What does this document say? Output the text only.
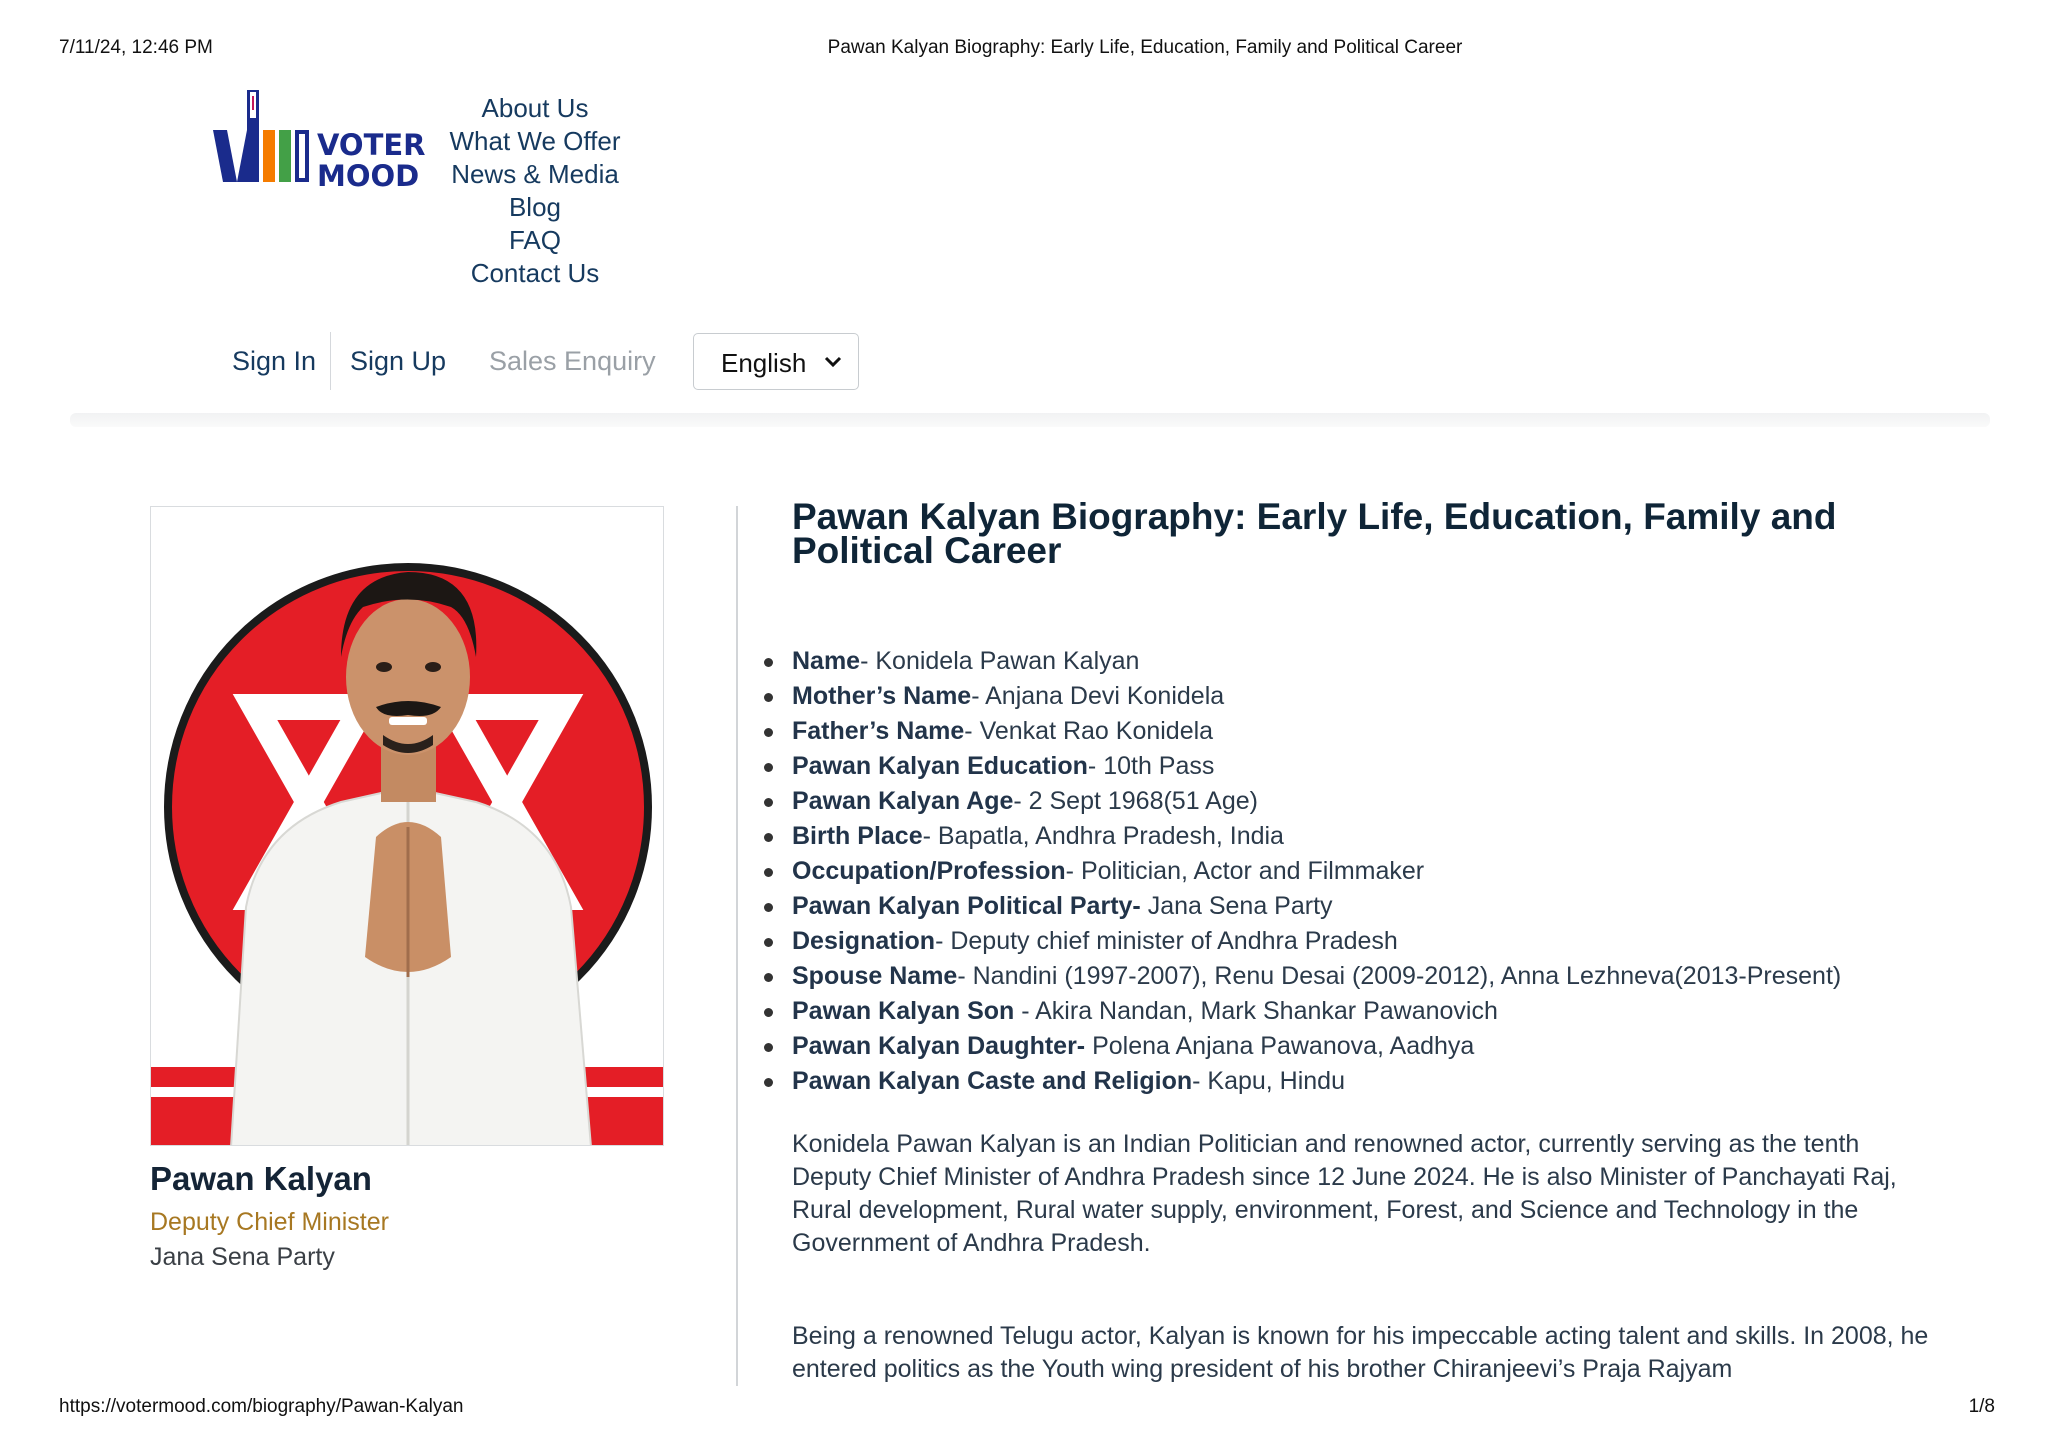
7/11/24, 12:46 PM	Pawan Kalyan Biography: Early Life, Education, Family and Political Career
VOTER
MOOD
About Us
What We Offer
News & Media
Blog
FAQ
Contact Us
Sign In Sign Up Sales Enquiry	English
Pawan Kalyan
Deputy Chief Minister
Jana Sena Party
Pawan Kalyan Biography: Early Life, Education, Family and Political Career
Name- Konidela Pawan Kalyan
Mother’s Name- Anjana Devi Konidela
Father’s Name- Venkat Rao Konidela
Pawan Kalyan Education- 10th Pass
Pawan Kalyan Age- 2 Sept 1968(51 Age)
Birth Place- Bapatla, Andhra Pradesh, India
Occupation/Profession- Politician, Actor and Filmmaker
Pawan Kalyan Political Party- Jana Sena Party
Designation- Deputy chief minister of Andhra Pradesh
Spouse Name- Nandini (1997-2007), Renu Desai (2009-2012), Anna Lezhneva(2013-Present)
Pawan Kalyan Son - Akira Nandan, Mark Shankar Pawanovich
Pawan Kalyan Daughter- Polena Anjana Pawanova, Aadhya
Pawan Kalyan Caste and Religion- Kapu, Hindu

Konidela Pawan Kalyan is an Indian Politician and renowned actor, currently serving as the tenth Deputy Chief Minister of Andhra Pradesh since 12 June 2024. He is also Minister of Panchayati Raj, Rural development, Rural water supply, environment, Forest, and Science and Technology in the Government of Andhra Pradesh.

Being a renowned Telugu actor, Kalyan is known for his impeccable acting talent and skills. In 2008, he entered politics as the Youth wing president of his brother Chiranjeevi’s Praja Rajyam

https://votermood.com/biography/Pawan-Kalyan	1/8
